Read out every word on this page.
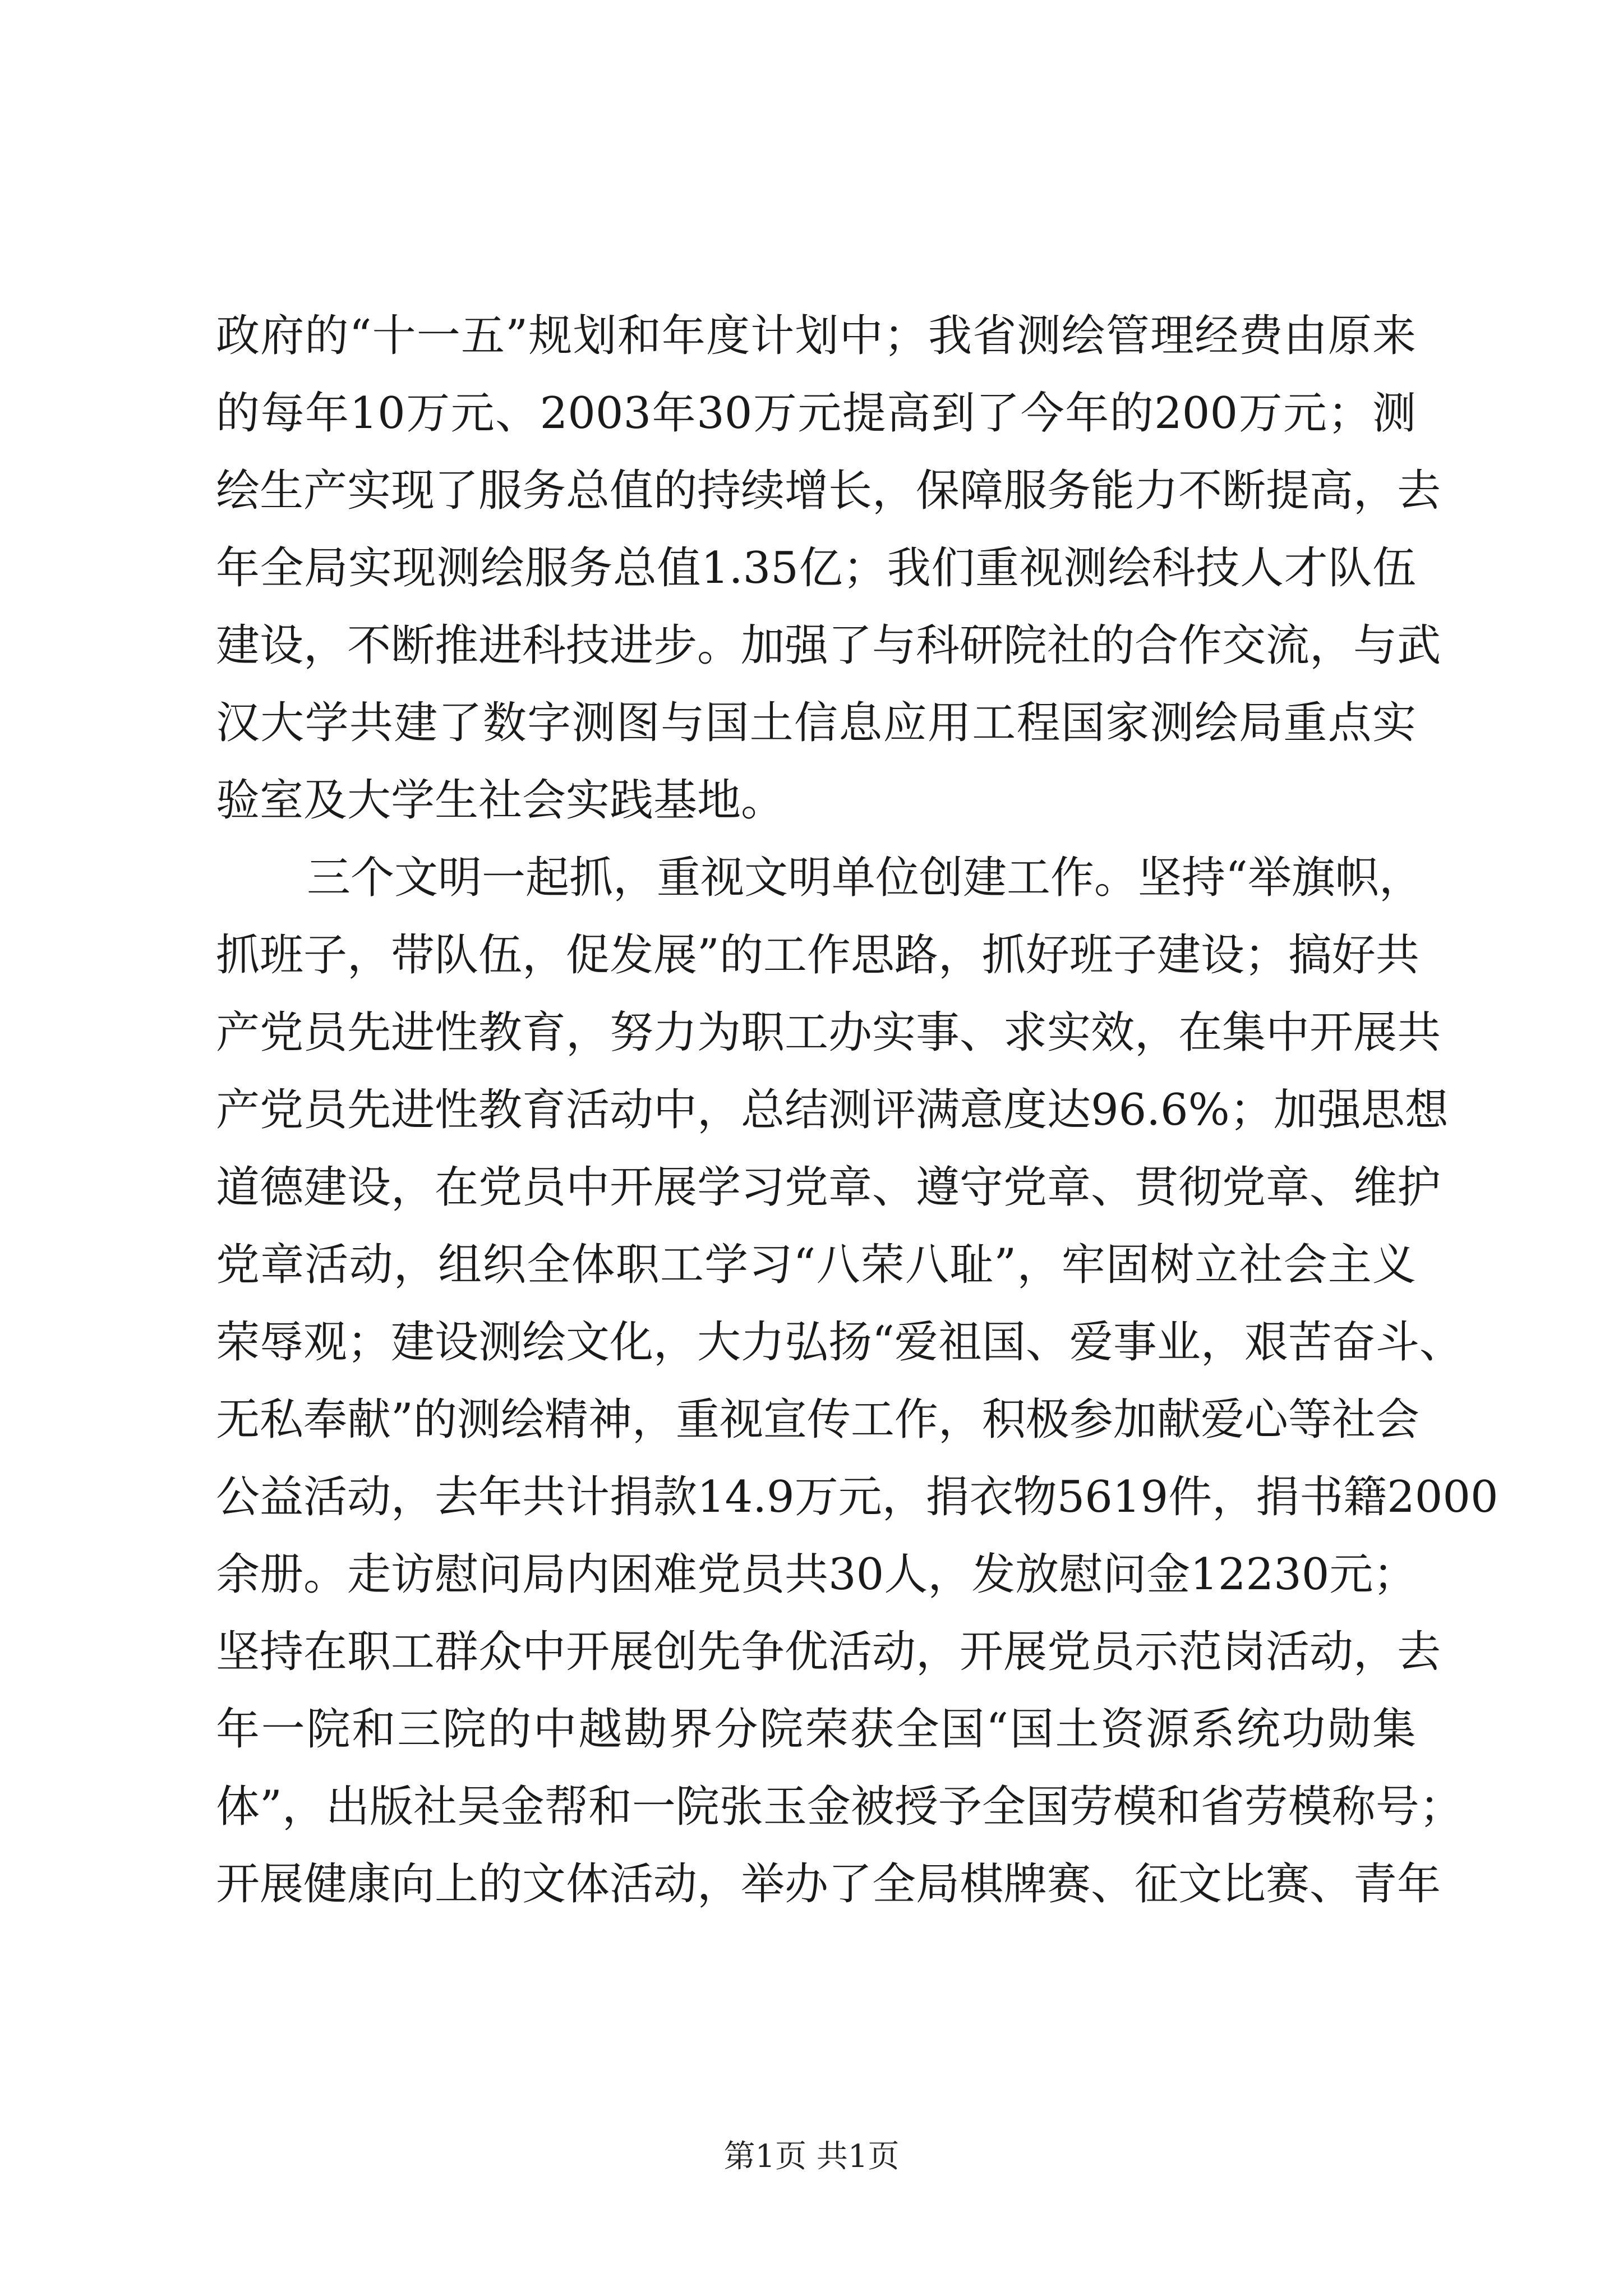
政府的“十一五”规划和年度计划中；我省测绘管理经费由原来
的每年10万元、2003年30万元提高到了今年的200万元；测
绘生产实现了服务总值的持续增长，保障服务能力不断提高，去
年全局实现测绘服务总值1.35亿；我们重视测绘科技人才队伍
建设，不断推进科技进步。加强了与科研院社的合作交流，与武
汉大学共建了数字测图与国土信息应用工程国家测绘局重点实
验室及大学生社会实践基地。
三个文明一起抓，重视文明单位创建工作。坚持“举旗帜，
抓班子，带队伍，促发展”的工作思路，抓好班子建设；搞好共
产党员先进性教育，努力为职工办实事、求实效，在集中开展共
产党员先进性教育活动中，总结测评满意度达96.6%；加强思想
道德建设，在党员中开展学习党章、遵守党章、贯彻党章、维护
党章活动，组织全体职工学习“八荣八耻”，牢固树立社会主义
荣辱观；建设测绘文化，大力弘扬“爱祖国、爱事业，艰苦奋斗、
无私奉献”的测绘精神，重视宣传工作，积极参加献爱心等社会
公益活动，去年共计捐款14.9万元，捐衣物5619件，捐书籍2000
余册。走访慰问局内困难党员共30人，发放慰问金12230元；
坚持在职工群众中开展创先争优活动，开展党员示范岗活动，去
年一院和三院的中越勘界分院荣获全国“国土资源系统功勋集
体”，出版社吴金帮和一院张玉金被授予全国劳模和省劳模称号；
开展健康向上的文体活动，举办了全局棋牌赛、征文比赛、青年
第1页 共1页
